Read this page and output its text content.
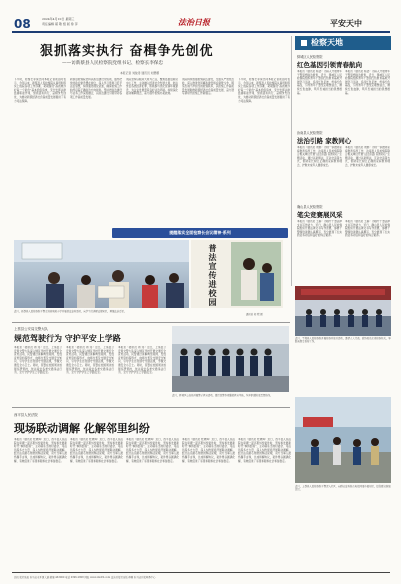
08	2024年4月10日 星期三
责任编辑 郝 敬 组 版 徐 萍	法治日报	平安天中
狠抓落实执行 奋楫争先创优
——访新蔡县人民检察院党组书记、检察长李保忠
本报记者 刘俊涛 通讯员 刘慧娜
下午时，检察长李保忠同本报记者谈话时表示，今年以来，新蔡县人民检察院认真贯彻落实上级院各项工作部署，紧紧围绕“高质效办好每一个案件”基本价值追求，充分发挥法律监督职能作用，狠抓落实执行，奋楫争先创优，为推动新蔡经济社会高质量发展提供了有力司法保障。
新蔡县检察院坚持以政治建设为统领，始终把党的政治建设摆在首位，深入学习贯彻习近平法治思想，持续强化理论武装，确保检察工作始终沿着正确政治方向前进。坚持把政治建设与业务工作深度融合，以政治建设引领带动各项工作高质量发展。
该院坚持以服务大局为己任，聚焦县委县政府中心工作，主动融入经济社会发展大局，依法惩治各类经济犯罪，积极参与优化营商环境建设，为企业发展营造良好法治环境。持续深化能动履职理念，着力提升检察办案质效。
该院持续加强检察队伍建设，全面从严管党治检，深入推进党风廉政建设和反腐败斗争，锻造忠诚干净担当的检察铁军，以检察工作高质量发展助推新蔡经济社会高质量发展，奋力谱写新时代检察工作新篇章。
下午时，检察长李保忠同本报记者谈话时表示，今年以来，新蔡县人民检察院认真贯彻落实上级院各项工作部署，紧紧围绕“高质效办好每一个案件”基本价值追求，充分发挥法律监督职能作用，狠抓落实执行，奋楫争先创优，为推动新蔡经济社会高质量发展提供了有力司法保障。
提醒落实全面检察长会议精神·系列
普法宣传进校园
近日，新蔡县人民检察院干警走进县城某小学开展普法宣传活动，向学生们讲解法律知识，增强法治意识。
通讯员 刘 熙 摄
检察天地
驿城区人民检察院
红色基因引领青春航向
本报讯（通讯员 杨洁）为深入开展青年干警思想政治教育，近日，驿城区人民检察院组织青年干警到红色教育基地开展学习活动，追寻红色足迹，传承红色基因，引导青年干警坚定理想信念，赓续红色血脉，筑牢忠诚担当的思想根基。
本报讯（通讯员 杨洁）为深入开展青年干警思想政治教育，近日，驿城区人民检察院组织青年干警到红色教育基地开展学习活动，追寻红色足迹，传承红色基因，引导青年干警坚定理想信念，赓续红色血脉，筑牢忠诚担当的思想根基。
汝南县人民检察院
法治引路 家教同心
本报讯（通讯员 刘源）为进一步推进家庭教育指导工作，汝南县人民检察院联合相关单位开展“法治引路 家教同心”主题活动，通过以案释法、互动交流等方式，帮助家长树立正确的家庭教育理念，护航未成年人健康成长。
本报讯（通讯员 刘源）为进一步推进家庭教育指导工作，汝南县人民检察院联合相关单位开展“法治引路 家教同心”主题活动，通过以案释法、互动交流等方式，帮助家长树立正确的家庭教育理念，护航未成年人健康成长。
确山县人民检察院
笔尖竞赛展风采
本报讯（通讯员 王娟）为提升干警法律文书写作能力，近日，确山县人民检察院组织开展法律文书写作竞赛，参赛干警围绕案例认真撰写，充分展现了扎实的业务功底和良好的综合素养。
本报讯（通讯员 王娟）为提升干警法律文书写作能力，近日，确山县人民检察院组织开展法律文书写作竞赛，参赛干警围绕案例认真撰写，充分展现了扎实的业务功底和良好的综合素养。
近日，平舆县人民检察院开展检察开放日活动，邀请人大代表、政协委员走进检察机关，零距离感受检察工作。
近日，上蔡县人民检察院干警深入社区，向群众宣传防范电信网络诈骗知识，提高群众防骗意识。
上蔡县公安局交警大队
规范驾驶行为 守护平安上学路
本报讯（通讯员 周 涛）近日，上蔡县公安局交警大队深入辖区学校开展交通安全宣传活动，民警通过讲解典型案例、发放宣传资料等形式，向师生普及交通安全知识，引导学生自觉遵守交通法规，争做交通安全小卫士。同时，民警在校园周边加强巡逻管控，依法查处各类交通违法行为，全力守护学生上学路安全。
本报讯（通讯员 周 涛）近日，上蔡县公安局交警大队深入辖区学校开展交通安全宣传活动，民警通过讲解典型案例、发放宣传资料等形式，向师生普及交通安全知识，引导学生自觉遵守交通法规，争做交通安全小卫士。同时，民警在校园周边加强巡逻管控，依法查处各类交通违法行为，全力守护学生上学路安全。
本报讯（通讯员 周 涛）近日，上蔡县公安局交警大队深入辖区学校开展交通安全宣传活动，民警通过讲解典型案例、发放宣传资料等形式，向师生普及交通安全知识，引导学生自觉遵守交通法规，争做交通安全小卫士。同时，民警在校园周边加强巡逻管控，依法查处各类交通违法行为，全力守护学生上学路安全。
近日，驿城区公安局开展警示教育活动，组织民警参观廉政教育基地，筑牢拒腐防变思想防线。
西平县人民法院
现场联动调解 化解邻里纠纷
本报讯（通讯员 杜晓辉）近日，西平县人民法院在审理一起邻里纠纷案件时，坚持和发展新时代“枫桥经验”，主动联系当地村委会、司法所等多方力量，深入纠纷现场开展联动调解。经过法官耐心细致的释法说理，双方当事人最终握手言和，达成和解协议，案件得以圆满化解，有效促进了邻里和睦和社会和谐稳定。
本报讯（通讯员 杜晓辉）近日，西平县人民法院在审理一起邻里纠纷案件时，坚持和发展新时代“枫桥经验”，主动联系当地村委会、司法所等多方力量，深入纠纷现场开展联动调解。经过法官耐心细致的释法说理，双方当事人最终握手言和，达成和解协议，案件得以圆满化解，有效促进了邻里和睦和社会和谐稳定。
本报讯（通讯员 杜晓辉）近日，西平县人民法院在审理一起邻里纠纷案件时，坚持和发展新时代“枫桥经验”，主动联系当地村委会、司法所等多方力量，深入纠纷现场开展联动调解。经过法官耐心细致的释法说理，双方当事人最终握手言和，达成和解协议，案件得以圆满化解，有效促进了邻里和睦和社会和谐稳定。
本报讯（通讯员 杜晓辉）近日，西平县人民法院在审理一起邻里纠纷案件时，坚持和发展新时代“枫桥经验”，主动联系当地村委会、司法所等多方力量，深入纠纷现场开展联动调解。经过法官耐心细致的释法说理，双方当事人最终握手言和，达成和解协议，案件得以圆满化解，有效促进了邻里和睦和社会和谐稳定。
本报讯（通讯员 杜晓辉）近日，西平县人民法院在审理一起邻里纠纷案件时，坚持和发展新时代“枫桥经验”，主动联系当地村委会、司法所等多方力量，深入纠纷现场开展联动调解。经过法官耐心细致的释法说理，双方当事人最终握手言和，达成和解协议，案件得以圆满化解，有效促进了邻里和睦和社会和谐稳定。
总机 报社地址 驻马店市开源大道 邮编 463000 电话 0396-2808 网址 www.zmdrb.com 法治日报社出版 印刷 驻马店日报印务中心
